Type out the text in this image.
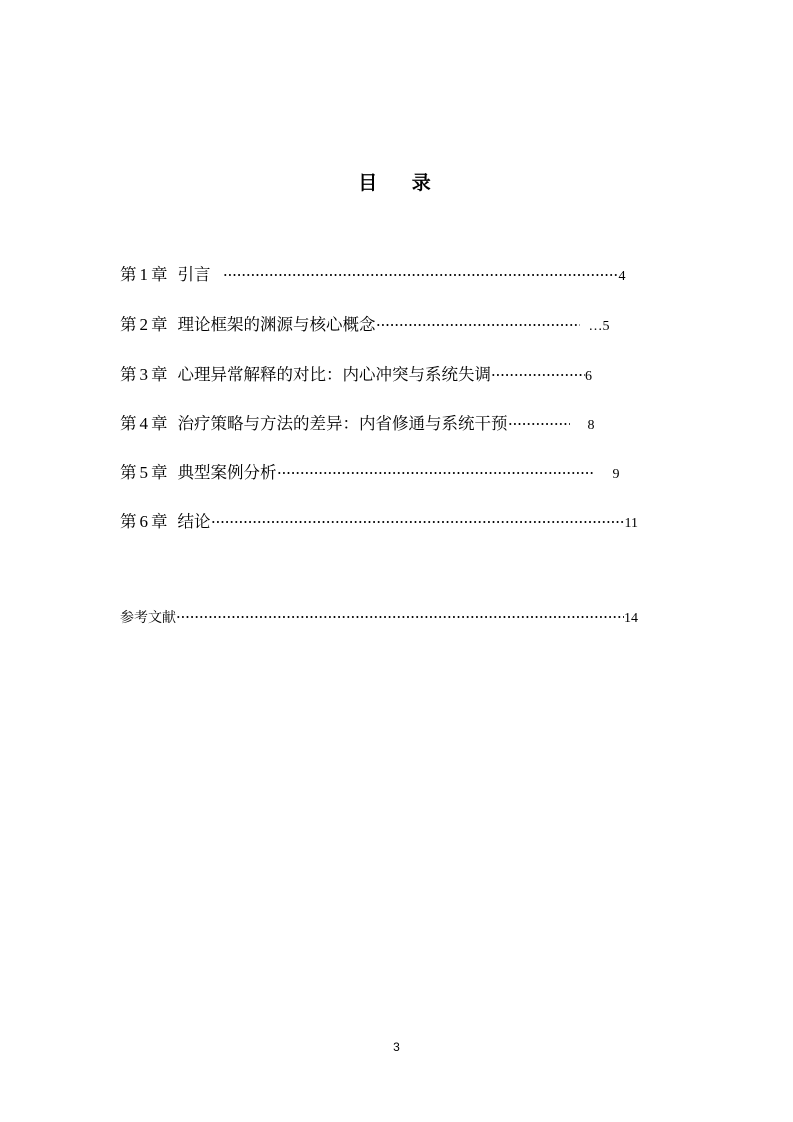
目 录
第 1 章 引言	4
第 2 章 理论框架的渊源与核心概念	…5
第 3 章 心理异常解释的对比：内心冲突与系统失调	6
第 4 章 治疗策略与方法的差异：内省修通与系统干预	8
第 5 章 典型案例分析	9
第 6 章 结论	11
参考文献	14
3
